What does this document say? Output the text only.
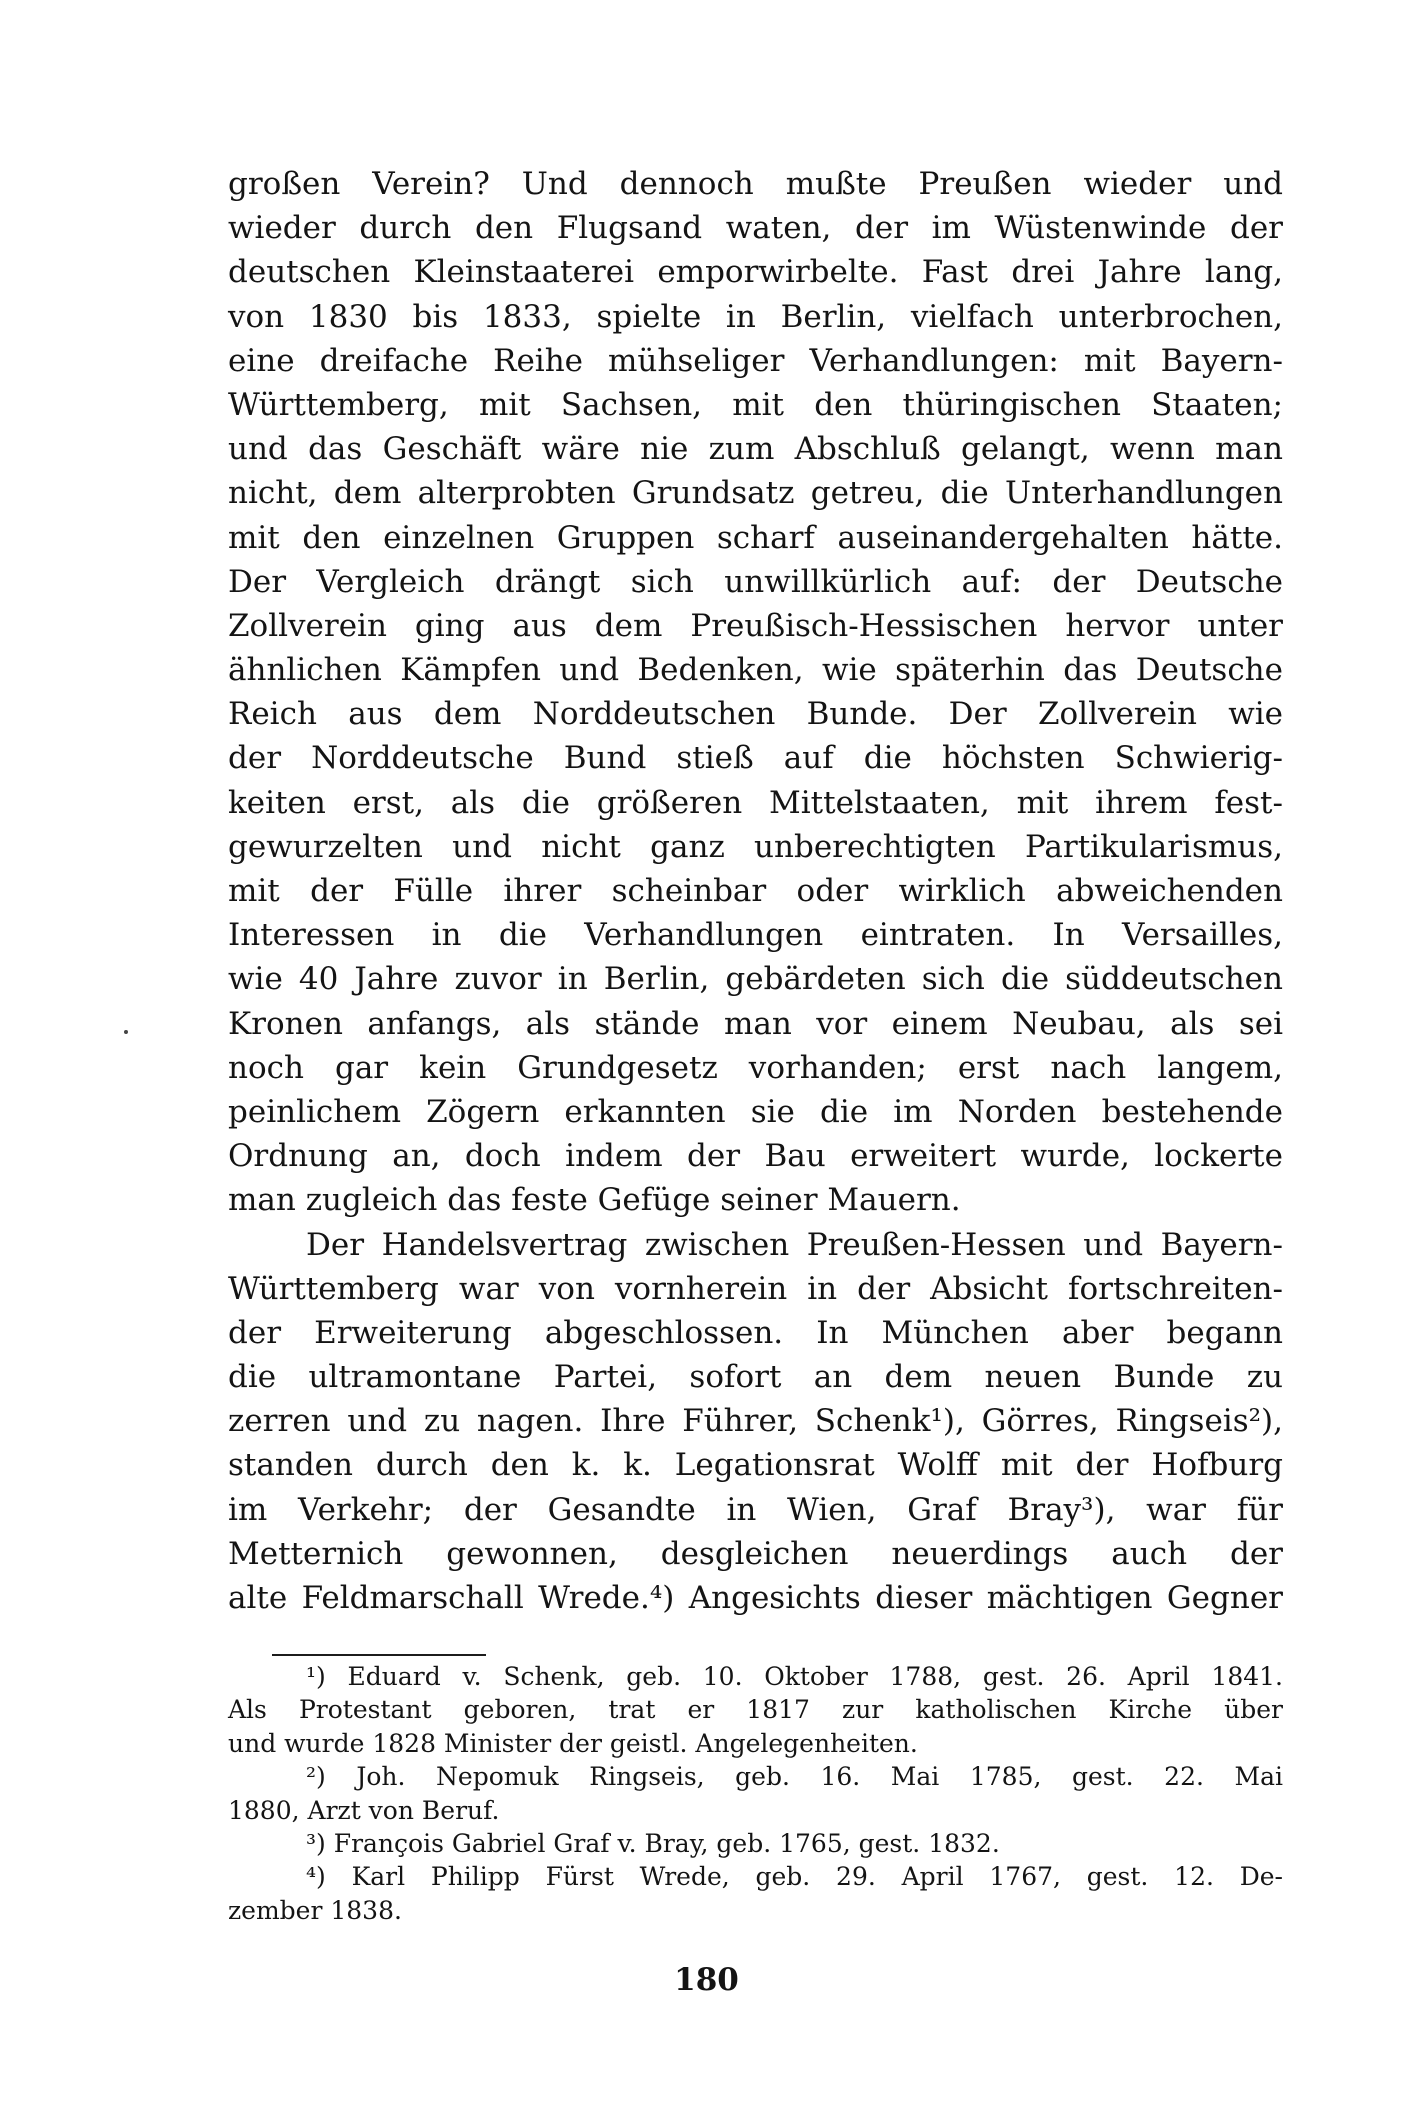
großen Verein? Und dennoch mußte Preußen wieder und
wieder durch den Flugsand waten, der im Wüstenwinde der
deutschen Kleinstaaterei emporwirbelte. Fast drei Jahre lang,
von 1830 bis 1833, spielte in Berlin, vielfach unterbrochen,
eine dreifache Reihe mühseliger Verhandlungen: mit Bayern-
Württemberg, mit Sachsen, mit den thüringischen Staaten;
und das Geschäft wäre nie zum Abschluß gelangt, wenn man
nicht, dem alterprobten Grundsatz getreu, die Unterhandlungen
mit den einzelnen Gruppen scharf auseinandergehalten hätte.
Der Vergleich drängt sich unwillkürlich auf: der Deutsche
Zollverein ging aus dem Preußisch-Hessischen hervor unter
ähnlichen Kämpfen und Bedenken, wie späterhin das Deutsche
Reich aus dem Norddeutschen Bunde. Der Zollverein wie
der Norddeutsche Bund stieß auf die höchsten Schwierig-
keiten erst, als die größeren Mittelstaaten, mit ihrem fest-
gewurzelten und nicht ganz unberechtigten Partikularismus,
mit der Fülle ihrer scheinbar oder wirklich abweichenden
Interessen in die Verhandlungen eintraten. In Versailles,
wie 40 Jahre zuvor in Berlin, gebärdeten sich die süddeutschen
Kronen anfangs, als stände man vor einem Neubau, als sei
noch gar kein Grundgesetz vorhanden; erst nach langem,
peinlichem Zögern erkannten sie die im Norden bestehende
Ordnung an, doch indem der Bau erweitert wurde, lockerte
man zugleich das feste Gefüge seiner Mauern.
Der Handelsvertrag zwischen Preußen-Hessen und Bayern-
Württemberg war von vornherein in der Absicht fortschreiten-
der Erweiterung abgeschlossen. In München aber begann
die ultramontane Partei, sofort an dem neuen Bunde zu
zerren und zu nagen. Ihre Führer, Schenk¹), Görres, Ringseis²),
standen durch den k. k. Legationsrat Wolff mit der Hofburg
im Verkehr; der Gesandte in Wien, Graf Bray³), war für
Metternich gewonnen, desgleichen neuerdings auch der
alte Feldmarschall Wrede.⁴) Angesichts dieser mächtigen Gegner
¹) Eduard v. Schenk, geb. 10. Oktober 1788, gest. 26. April 1841.
Als Protestant geboren, trat er 1817 zur katholischen Kirche über
und wurde 1828 Minister der geistl. Angelegenheiten.
²) Joh. Nepomuk Ringseis, geb. 16. Mai 1785, gest. 22. Mai
1880, Arzt von Beruf.
³) François Gabriel Graf v. Bray, geb. 1765, gest. 1832.
⁴) Karl Philipp Fürst Wrede, geb. 29. April 1767, gest. 12. De-
zember 1838.
180
